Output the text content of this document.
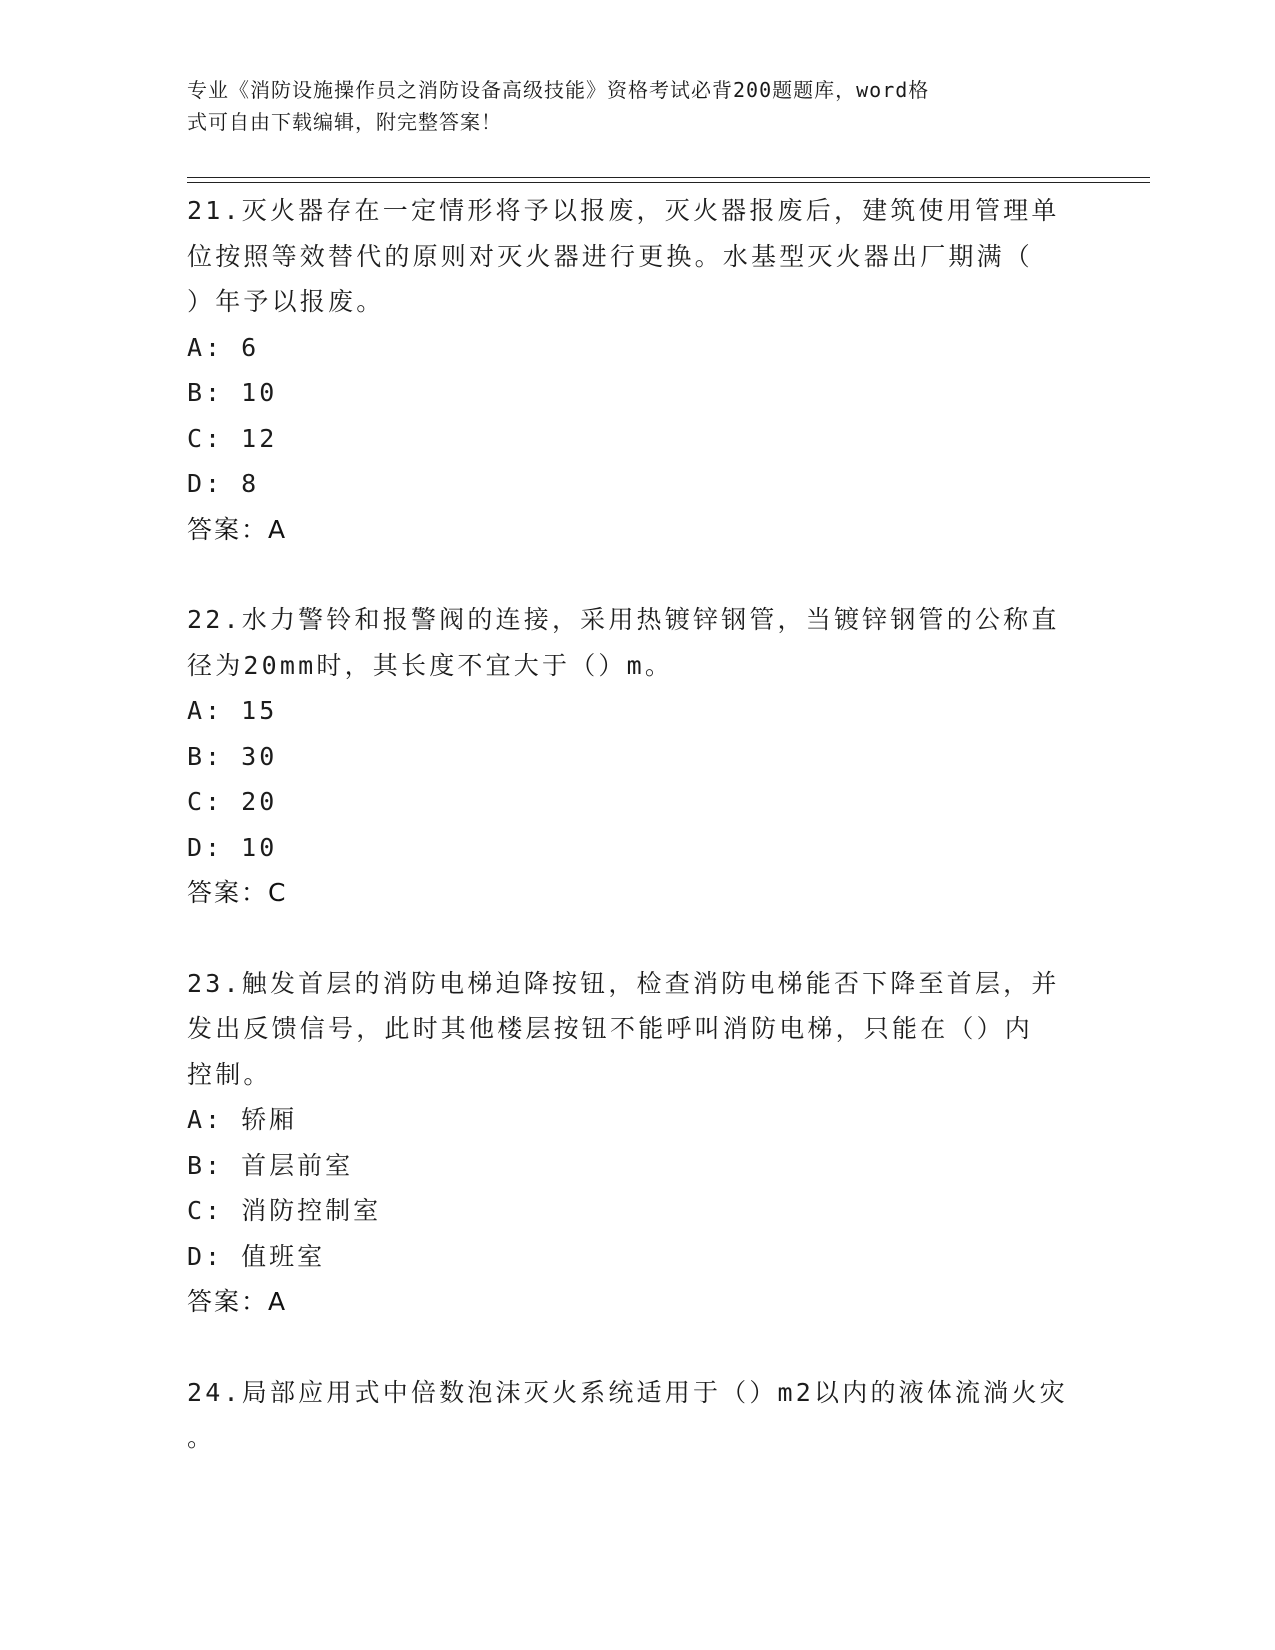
专业《消防设施操作员之消防设备高级技能》资格考试必背200题题库，word格
式可自由下载编辑，附完整答案！
21.灭火器存在一定情形将予以报废，灭火器报废后，建筑使用管理单
位按照等效替代的原则对灭火器进行更换。水基型灭火器出厂期满（
）年予以报废。
A: 6
B: 10
C: 12
D: 8
答案：A
22.水力警铃和报警阀的连接，采用热镀锌钢管，当镀锌钢管的公称直
径为20mm时，其长度不宜大于（）m。
A: 15
B: 30
C: 20
D: 10
答案：C
23.触发首层的消防电梯迫降按钮，检查消防电梯能否下降至首层，并
发出反馈信号，此时其他楼层按钮不能呼叫消防电梯，只能在（）内
控制。
A: 轿厢
B: 首层前室
C: 消防控制室
D: 值班室
答案：A
24.局部应用式中倍数泡沫灭火系统适用于（）m2以内的液体流淌火灾
。
